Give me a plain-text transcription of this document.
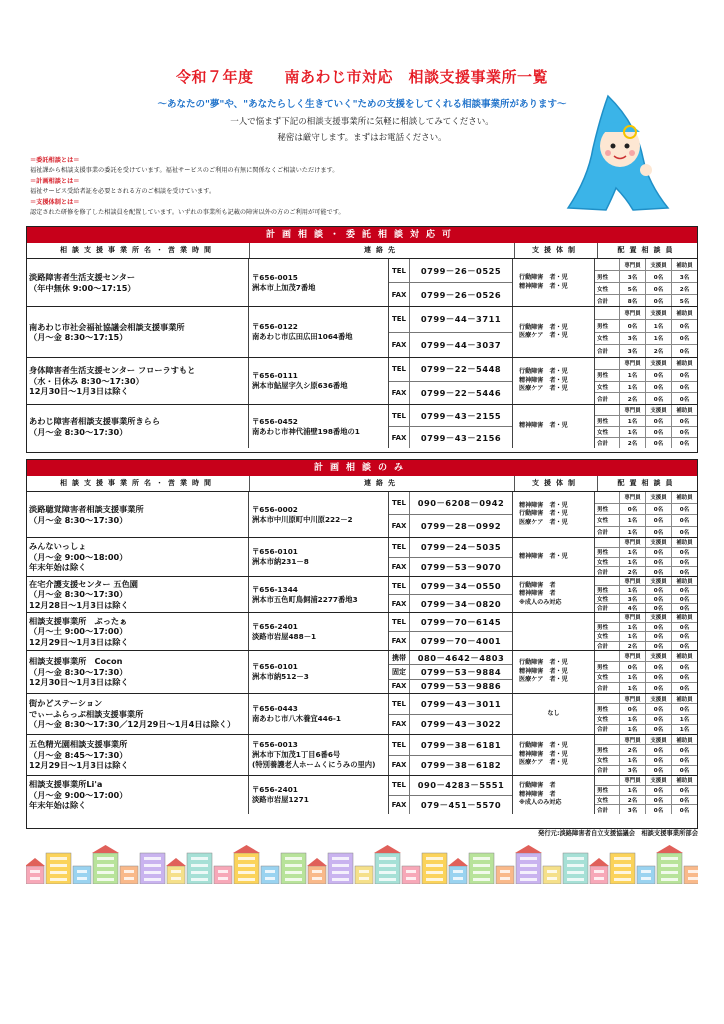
令和７年度　　南あわじ市対応　相談支援事業所一覧
～あなたの"夢"や、"あなたらしく生きていく"ための支援をしてくれる相談事業所があります～
一人で悩まず下記の相談支援事業所に気軽に相談してみてください。
秘密は厳守します。まずはお電話ください。
＝委託相談とは＝
福祉課から相談支援事業の委託を受けています。福祉サービスのご利用の有無に関係なくご相談いただけます。
＝計画相談とは＝
福祉サービス受給者証を必要とされる方のご相談を受けています。
＝支援体制とは＝
認定された研修を修了した相談員を配置しています。いずれの事業所も記載の障害以外の方のご利用が可能です。
計画相談・委託相談対応可
相談支援事業所名・営業時間	連絡先	支援体制	配置相談員
淡路障害者生活支援センター
（年中無休 9:00～17:15）
〒656-0015
洲本市上加茂7番地
TEL	0799－26－0525
FAX	0799－26－0526
行動障害　者・児
精神障害　者・児
専門員	支援員	補助員
男性	3名	0名	3名
女性	5名	0名	2名
合計	8名	0名	5名
南あわじ市社会福祉協議会相談支援事業所
（月～金 8:30～17:15）
〒656-0122
南あわじ市広田広田1064番地
TEL	0799－44－3711
FAX	0799－44－3037
行動障害　者・児
医療ケア　者・児
専門員	支援員	補助員
男性	0名	1名	0名
女性	3名	1名	0名
合計	3名	2名	0名
身体障害者生活支援センター フローラすもと
（水・日休み 8:30～17:30）
12月30日～1月3日は除く
〒656-0111
洲本市鮎屋字久シ原636番地
TEL	0799－22－5448
FAX	0799－22－5446
行動障害　者・児
精神障害　者・児
医療ケア　者・児
専門員	支援員	補助員
男性	1名	0名	0名
女性	1名	0名	0名
合計	2名	0名	0名
あわじ障害者相談支援事業所きらら
（月～金 8:30～17:30）
〒656-0452
南あわじ市神代浦壁198番地の1
TEL	0799－43－2155
FAX	0799－43－2156
精神障害　者・児
専門員	支援員	補助員
男性	1名	0名	0名
女性	1名	0名	0名
合計	2名	0名	0名
計画相談のみ
相談支援事業所名・営業時間	連絡先	支援体制	配置相談員
淡路聴覚障害者相談支援事業所
（月～金 8:30～17:30）
〒656-0002
洲本市中川原町中川原222－2
TEL	090－6208－0942
FAX	0799－28－0992
精神障害　者・児
行動障害　者・児
医療ケア　者・児
専門員	支援員	補助員
男性	0名	0名	0名
女性	1名	0名	0名
合計	1名	0名	0名
みんないっしょ
（月～金 9:00～18:00）
年末年始は除く
〒656-0101
洲本市納231－8
TEL	0799－24－5035
FAX	0799－53－9070
精神障害　者・児
専門員	支援員	補助員
男性	1名	0名	0名
女性	1名	0名	0名
合計	2名	0名	0名
在宅介護支援センター 五色園
（月～金 8:30～17:30）
12月28日～1月3日は除く
〒656-1344
洲本市五色町鳥飼浦2277番地3
TEL	0799－34－0550
FAX	0799－34－0820
行動障害　者
精神障害　者
※成人のみ対応
専門員	支援員	補助員
男性	1名	0名	0名
女性	3名	0名	0名
合計	4名	0名	0名
相談支援事業所　ぷったぁ
（月～土 9:00～17:00）
12月29日～1月3日は除く
〒656-2401
淡路市岩屋488－1
TEL	0799－70－6145
FAX	0799－70－4001
専門員	支援員	補助員
男性	1名	0名	0名
女性	1名	0名	0名
合計	2名	0名	0名
相談支援事業所　Cocon
（月～金 8:30～17:30）
12月30日～1月3日は除く
〒656-0101
洲本市納512－3
携帯	080－4642－4803
固定	0799－53－9884
FAX	0799－53－9886
行動障害　者・児
精神障害　者・児
医療ケア　者・児
専門員	支援員	補助員
男性	0名	0名	0名
女性	1名	0名	0名
合計	1名	0名	0名
街かどステーション
でぃーふらっぷ相談支援事業所
（月～金 8:30～17:30／12月29日～1月4日は除く）
〒656-0443
南あわじ市八木養宜446-1
TEL	0799－43－3011
FAX	0799－43－3022
なし
専門員	支援員	補助員
男性	0名	0名	0名
女性	1名	0名	1名
合計	1名	0名	1名
五色精光園相談支援事業所
（月～金 8:45～17:30）
12月29日～1月3日は除く
〒656-0013
洲本市下加茂1丁目6番6号
(特別養護老人ホームくにうみの里内)
TEL	0799－38－6181
FAX	0799－38－6182
行動障害　者・児
精神障害　者・児
医療ケア　者・児
専門員	支援員	補助員
男性	2名	0名	0名
女性	1名	0名	0名
合計	3名	0名	0名
相談支援事業所Li'a
（月～金 9:00～17:00）
年末年始は除く
〒656-2401
淡路市岩屋1271
TEL	090－4283－5551
FAX	079－451－5570
行動障害　者
精神障害　者
※成人のみ対応
専門員	支援員	補助員
男性	1名	0名	0名
女性	2名	0名	0名
合計	3名	0名	0名
発行元:淡路障害者自立支援協議会　相談支援事業所部会
